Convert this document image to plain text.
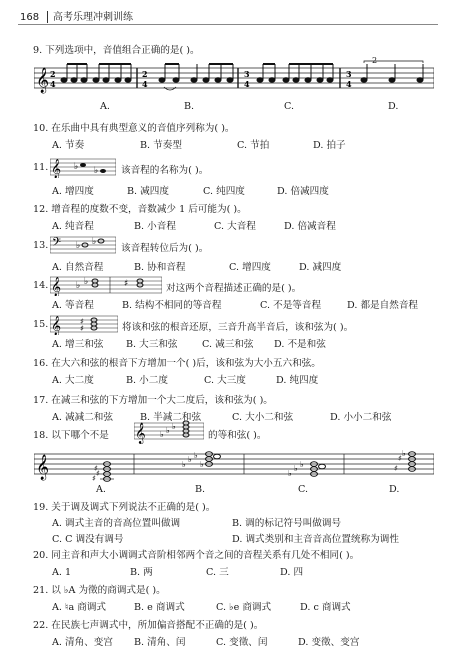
168 高考乐理冲刺训练
9. 下列选项中，音值组合正确的是( )。
𝄞 2
4
2
4
3
4
3
4
2
A.	B.	C.	D.
10. 在乐曲中具有典型意义的音值序列称为( )。
A. 节奏	B. 节奏型	C. 节拍	D. 拍子
11. 𝄞 ♭ ♭ 该音程的名称为( )。
A. 增四度	B. 减四度	C. 纯四度	D. 倍减四度
12. 增音程的度数不变，音数减少 1 后可能为( )。
A. 纯音程	B. 小音程	C. 大音程	D. 倍减音程
13. 𝄢 ♭ ♭
该音程转位后为( )。
A. 自然音程	B. 协和音程	C. 增四度	D. 减四度
14. 𝄞 ♭ ♭	♯	对这两个音程描述正确的是( )。
A. 等音程	B. 结构不相同的等音程	C. 不是等音程	D. 都是自然音程
15. 𝄞 ♯
♯
将该和弦的根音还原，三音升高半音后，该和弦为( )。
A. 增三和弦 B. 大三和弦	C. 减三和弦 D. 不是和弦
16. 在大六和弦的根音下方增加一个( )后，该和弦为大小五六和弦。
A. 大二度	B. 小二度	C. 大三度	D. 纯四度
17. 在减三和弦的下方增加一个大二度后，该和弦为( )。
A. 减减二和弦	B. 半减二和弦	C. 大小二和弦	D. 小小二和弦
18. 以下哪个不是 𝄞 ♭ ♭ ♭
的等和弦( )。
𝄞	♯
♯
♯	♭
♭ ♭
♭
♭
♭ ♭	♯
♯
♭
A.	B.	C.	D.
19. 关于调及调式下列说法不正确的是( )。
A. 调式主音的音高位置叫做调	B. 调的标记符号叫做调号
C. C 调没有调号	D. 调式类别和主音音高位置统称为调性
20. 同主音和声大小调调式音阶相邻两个音之间的音程关系有几处不相同( )。
A. 1	B. 两	C. 三	D. 四
21. 以 ♭A 为徵的商调式是( )。
A. ♮a 商调式	B. e 商调式	C. ♭e 商调式	D. c 商调式
22. 在民族七声调式中，所加偏音搭配不正确的是( )。
A. 清角、变宫 B. 清角、闰	C. 变徵、闰	D. 变徵、变宫
